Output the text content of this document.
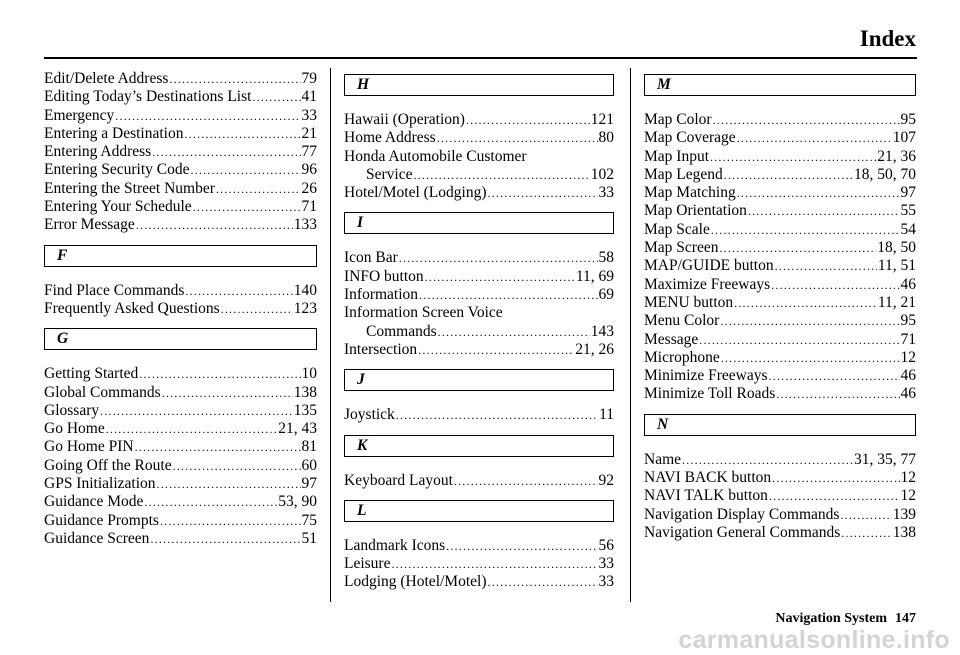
Index
Edit/Delete Address .....	79
Editing Today’s Destinations List .....	41
Emergency .....	33
Entering a Destination .....	21
Entering Address .....	77
Entering Security Code .....	96
Entering the Street Number .....	26
Entering Your Schedule .....	71
Error Message .....	133
F
Find Place Commands .....	140
Frequently Asked Questions .....	123
G
Getting Started .....	10
Global Commands .....	138
Glossary .....	135
Go Home .....	21, 43
Go Home PIN .....	81
Going Off the Route .....	60
GPS Initialization .....	97
Guidance Mode .....	53, 90
Guidance Prompts .....	75
Guidance Screen .....	51
H
Hawaii (Operation) .....	121
Home Address .....	80
Honda Automobile Customer
Service .....	102
Hotel/Motel (Lodging) .....	33
I
Icon Bar .....	58
INFO button .....	11, 69
Information .....	69
Information Screen Voice
Commands .....	143
Intersection .....	21, 26
J
Joystick .....	11
K
Keyboard Layout .....	92
L
Landmark Icons .....	56
Leisure .....	33
Lodging (Hotel/Motel) .....	33
M
Map Color .....	95
Map Coverage .....	107
Map Input .....	21, 36
Map Legend .....	18, 50, 70
Map Matching .....	97
Map Orientation .....	55
Map Scale .....	54
Map Screen .....	18, 50
MAP/GUIDE button .....	11, 51
Maximize Freeways .....	46
MENU button .....	11, 21
Menu Color .....	95
Message .....	71
Microphone .....	12
Minimize Freeways .....	46
Minimize Toll Roads .....	46
N
Name .....	31, 35, 77
NAVI BACK button .....	12
NAVI TALK button .....	12
Navigation Display Commands .....	139
Navigation General Commands .....	138
Navigation System 147
carmanualsonline.info
